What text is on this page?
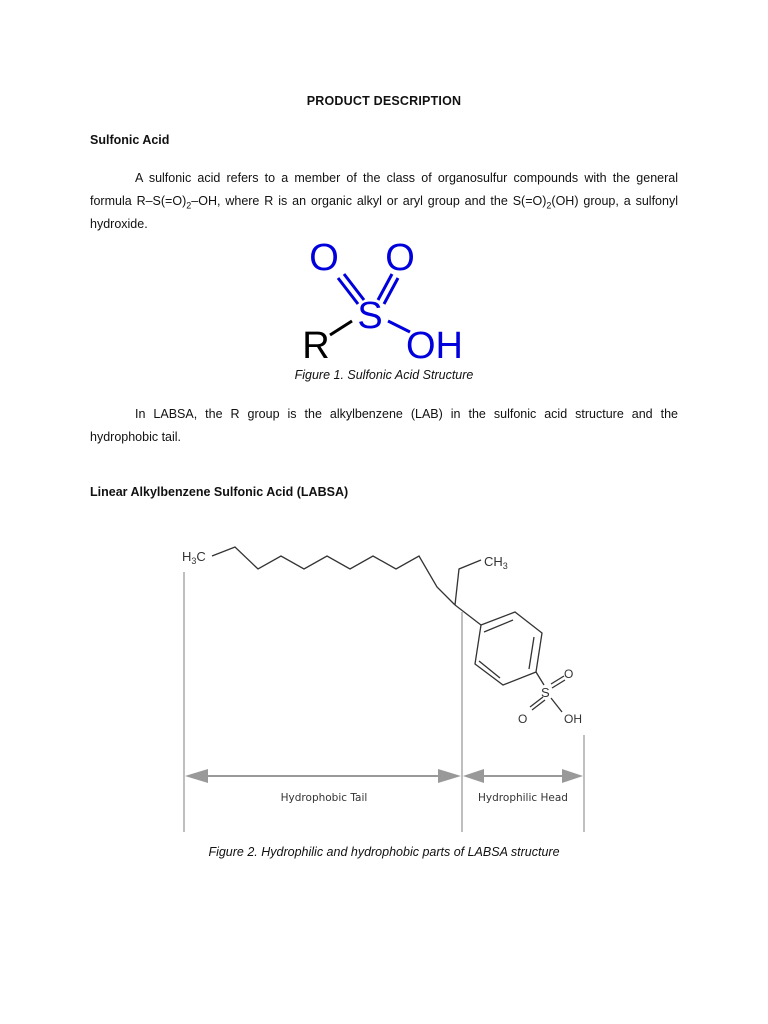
PRODUCT DESCRIPTION
Sulfonic Acid
A sulfonic acid refers to a member of the class of organosulfur compounds with the general formula $R-S(=O)_2-OH$, where R is an organic alkyl or aryl group and the $S(=O)_2(OH)$ group, a sulfonyl hydroxide.
O O
S
OH
R
Figure 1. Sulfonic Acid Structure
In LABSA, the R group is the alkylbenzene (LAB) in the sulfonic acid structure and the hydrophobic tail.
Linear Alkylbenzene Sulfonic Acid (LABSA)
$H_3C$	$CH_3$
S
O
O	OH
Hydrophobic Tail	Hydrophilic Head
Figure 2. Hydrophilic and hydrophobic parts of LABSA structure
